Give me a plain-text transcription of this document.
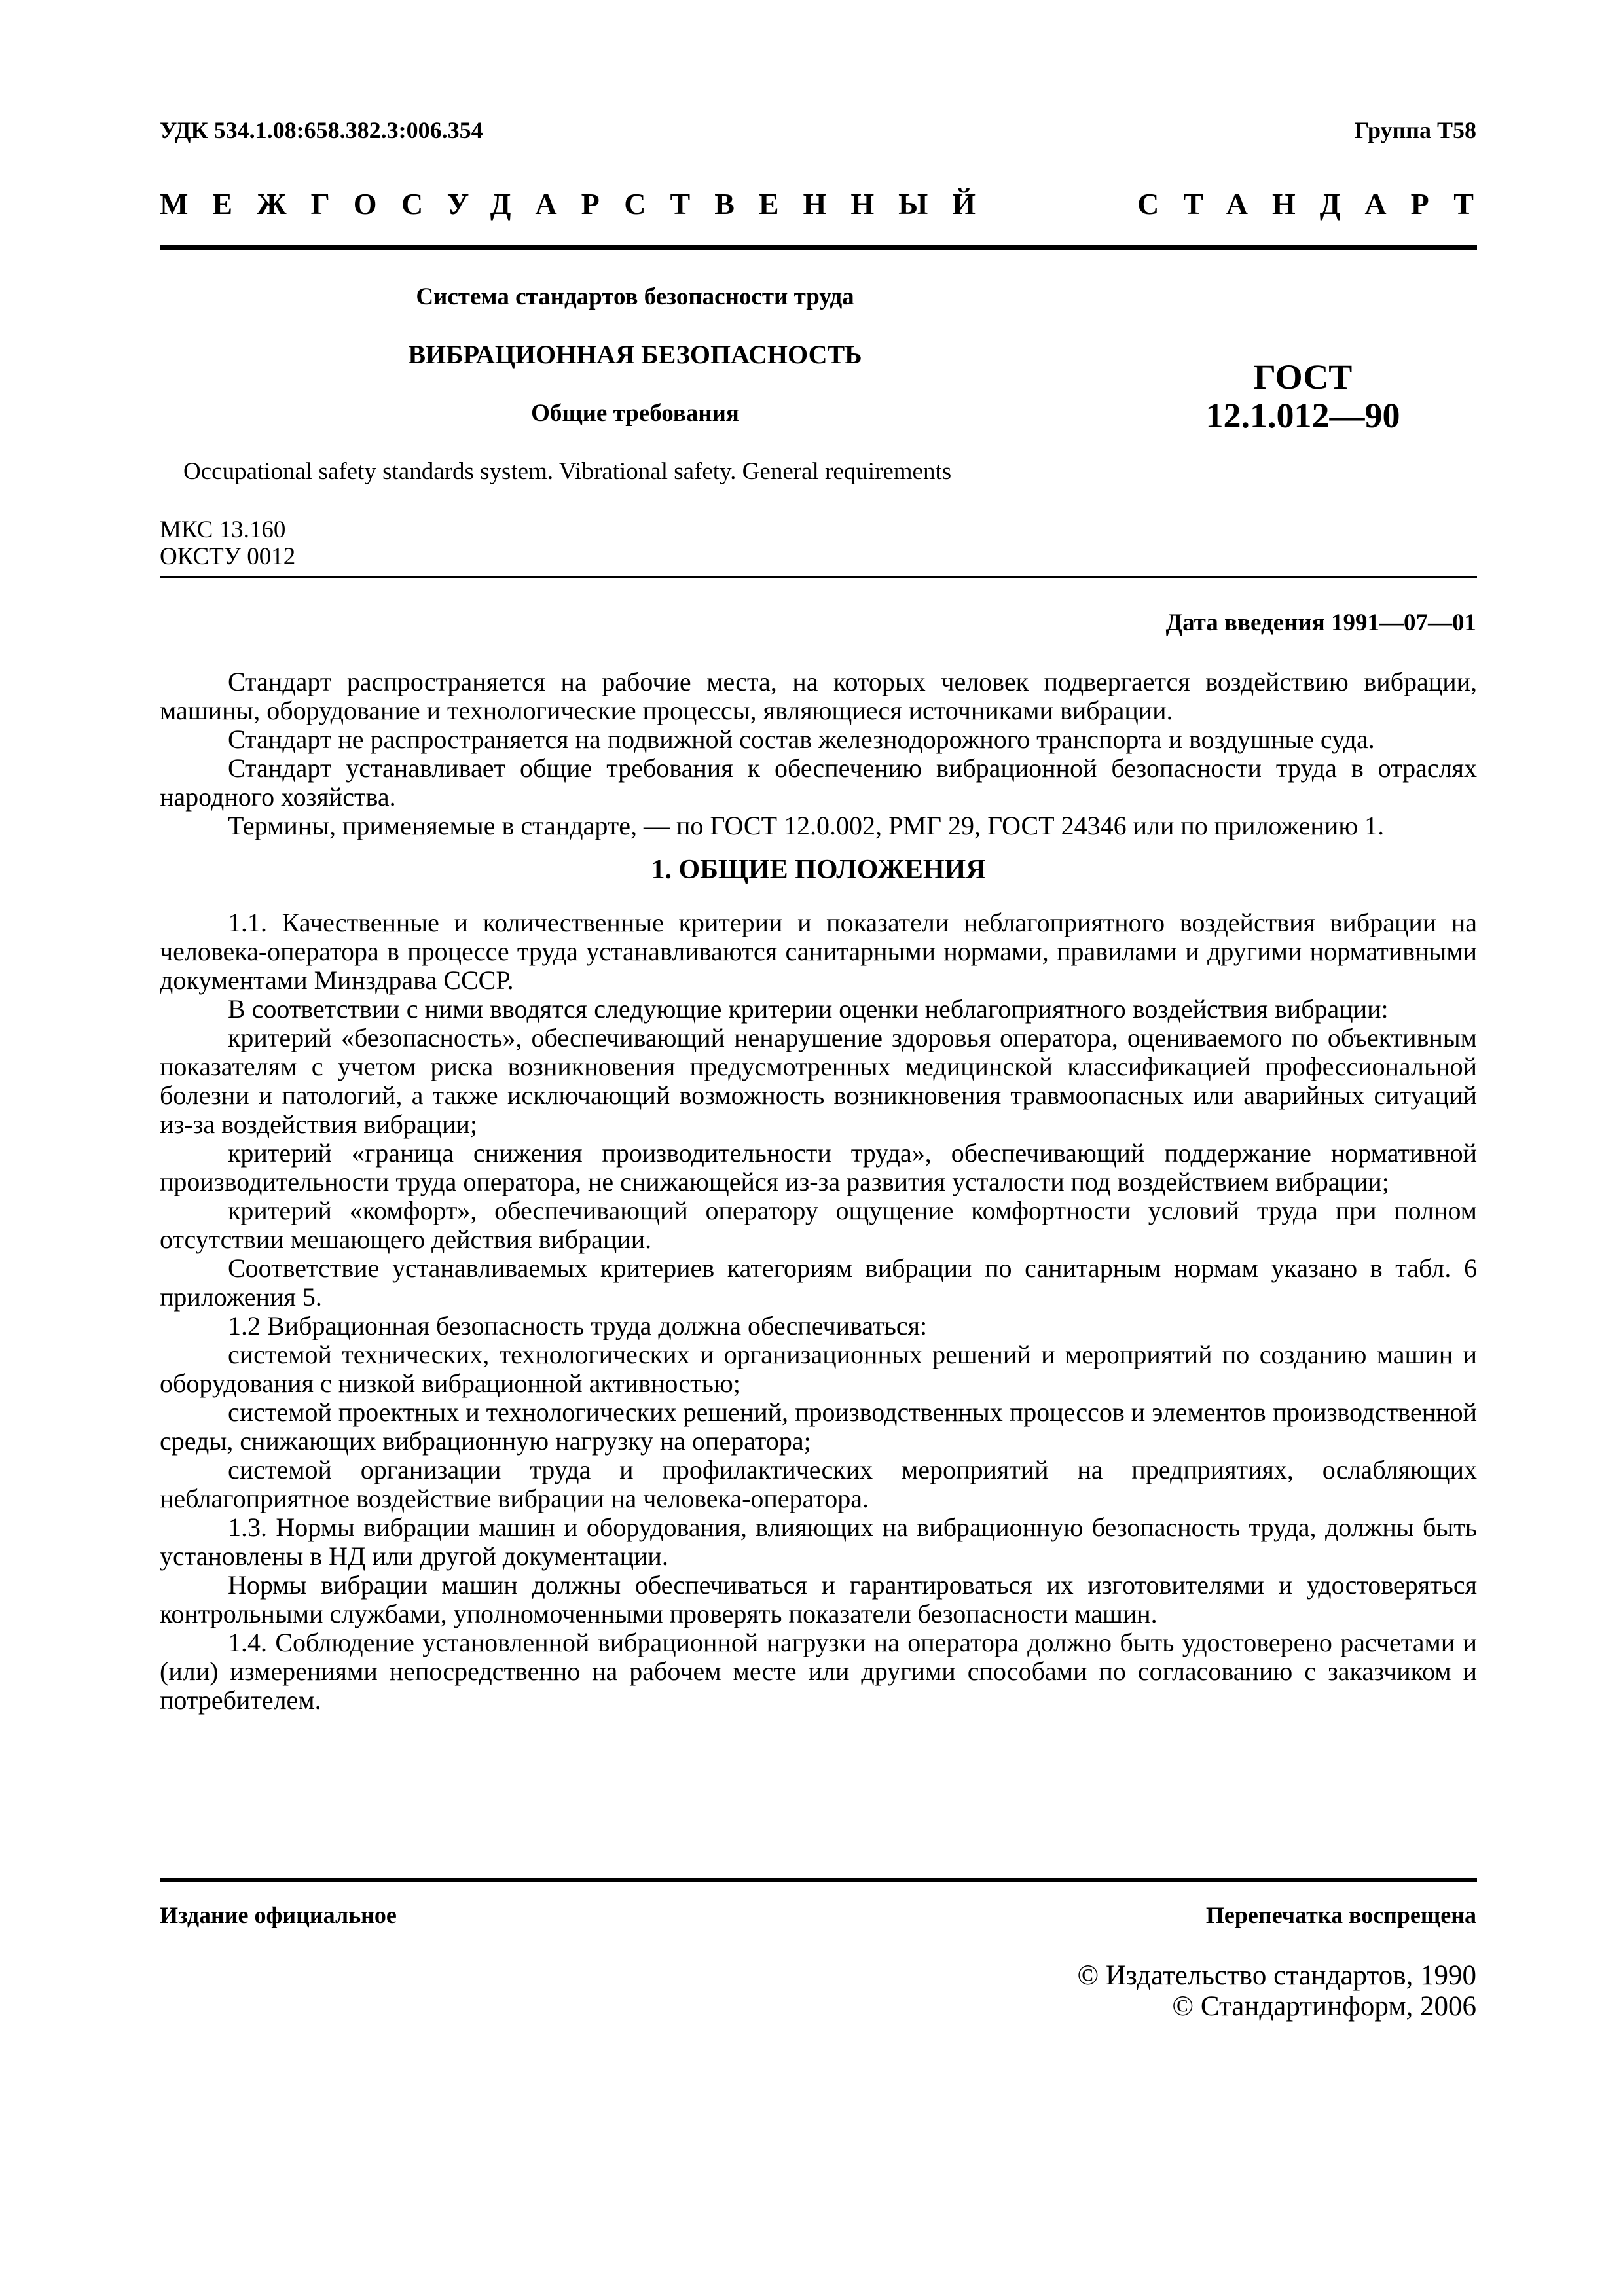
УДК 534.1.08:658.382.3:006.354	Группа Т58
МЕЖГОСУДАРСТВЕННЫЙ	СТАНДАРТ
Система стандартов безопасности труда
ВИБРАЦИОННАЯ БЕЗОПАСНОСТЬ
Общие требования
ГОСТ
12.1.012—90
Occupational safety standards system. Vibrational safety. General requirements
МКС 13.160
ОКСТУ 0012
Дата введения 1991—07—01

Стандарт распространяется на рабочие места, на которых человек подвергается воздействию вибрации, машины, оборудование и технологические процессы, являющиеся источниками вибрации.

Стандарт не распространяется на подвижной состав железнодорожного транспорта и воздушные суда.

Стандарт устанавливает общие требования к обеспечению вибрационной безопасности труда в отраслях народного хозяйства.

Термины, применяемые в стандарте, — по ГОСТ 12.0.002, РМГ 29, ГОСТ 24346 или по приложению 1.

1. ОБЩИЕ ПОЛОЖЕНИЯ

1.1. Качественные и количественные критерии и показатели неблагоприятного воздействия вибрации на человека-оператора в процессе труда устанавливаются санитарными нормами, правилами и другими нормативными документами Минздрава СССР.

В соответствии с ними вводятся следующие критерии оценки неблагоприятного воздействия вибрации:

критерий «безопасность», обеспечивающий ненарушение здоровья оператора, оцениваемого по объективным показателям с учетом риска возникновения предусмотренных медицинской классификацией профессиональной болезни и патологий, а также исключающий возможность возникновения травмоопасных или аварийных ситуаций из-за воздействия вибрации;

критерий «граница снижения производительности труда», обеспечивающий поддержание нормативной производительности труда оператора, не снижающейся из-за развития усталости под воздействием вибрации;

критерий «комфорт», обеспечивающий оператору ощущение комфортности условий труда при полном отсутствии мешающего действия вибрации.

Соответствие устанавливаемых критериев категориям вибрации по санитарным нормам указано в табл. 6 приложения 5.

1.2 Вибрационная безопасность труда должна обеспечиваться:

системой технических, технологических и организационных решений и мероприятий по созданию машин и оборудования с низкой вибрационной активностью;

системой проектных и технологических решений, производственных процессов и элементов производственной среды, снижающих вибрационную нагрузку на оператора;

системой организации труда и профилактических мероприятий на предприятиях, ослабляющих неблагоприятное воздействие вибрации на человека-оператора.

1.3. Нормы вибрации машин и оборудования, влияющих на вибрационную безопасность труда, должны быть установлены в НД или другой документации.

Нормы вибрации машин должны обеспечиваться и гарантироваться их изготовителями и удостоверяться контрольными службами, уполномоченными проверять показатели безопасности машин.

1.4. Соблюдение установленной вибрационной нагрузки на оператора должно быть удостоверено расчетами и (или) измерениями непосредственно на рабочем месте или другими способами по согласованию с заказчиком и потребителем.

Издание официальное	Перепечатка воспрещена
© Издательство стандартов, 1990
© Стандартинформ, 2006
